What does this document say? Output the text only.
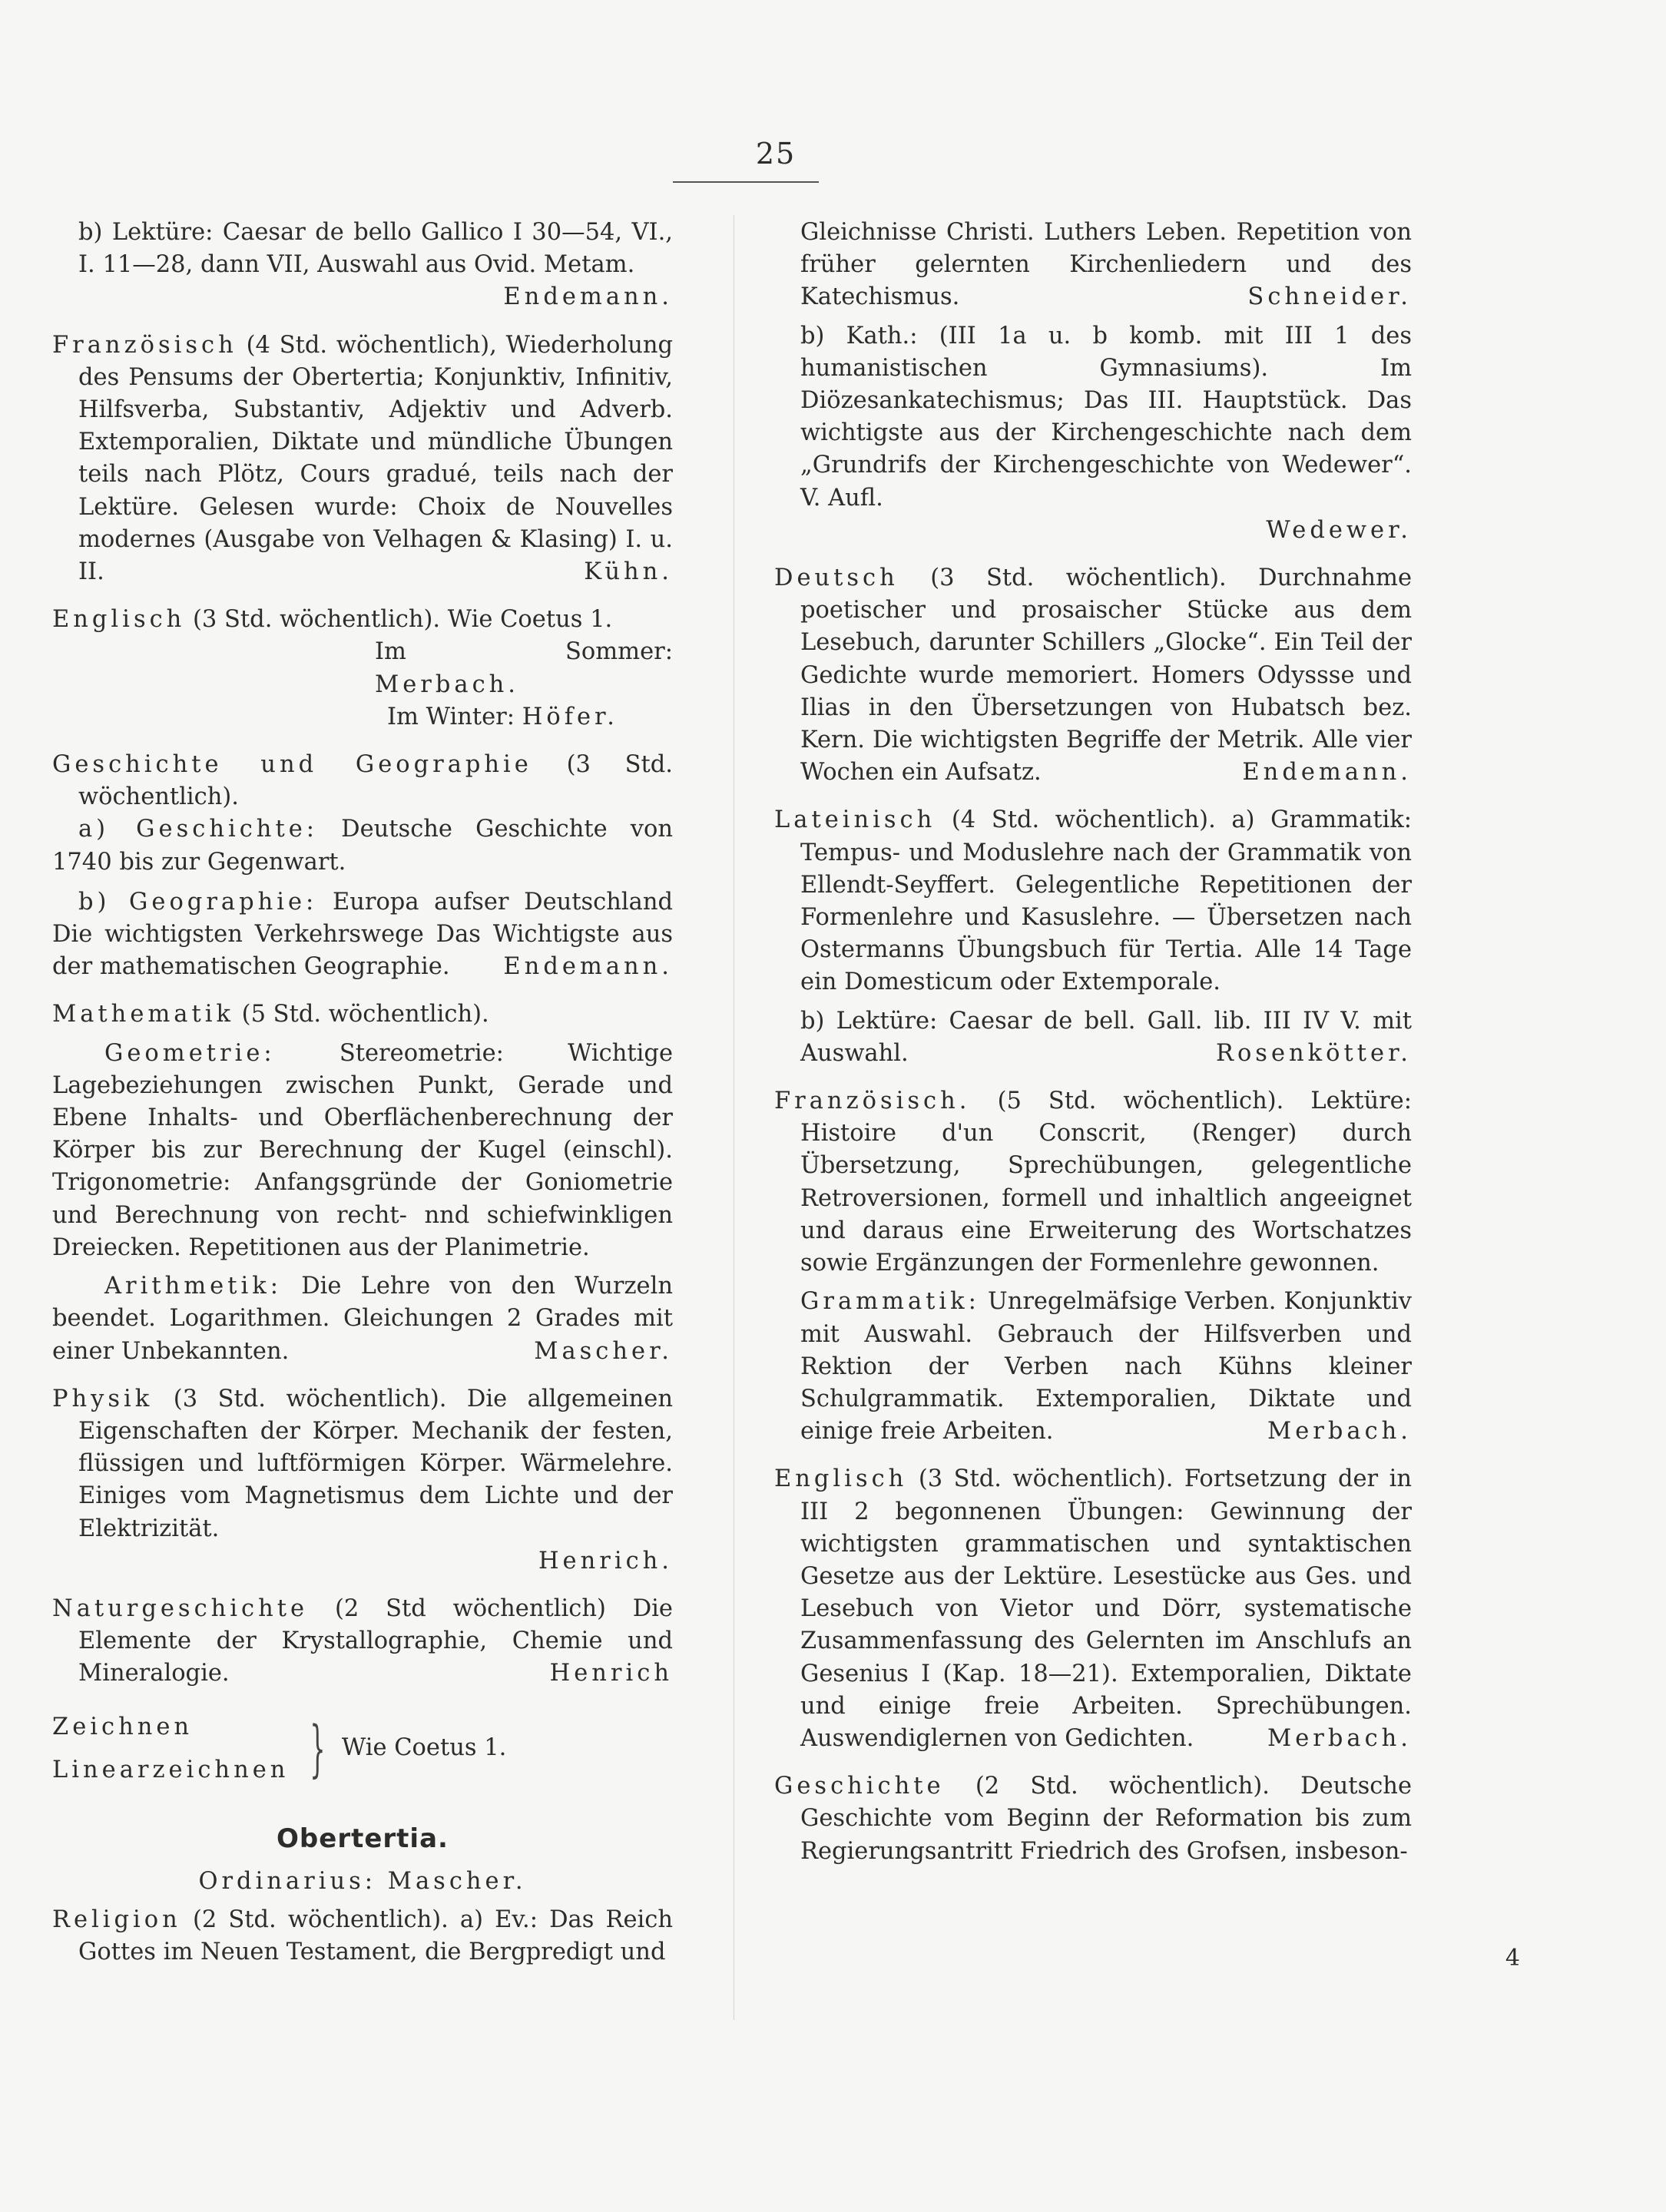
25

b) Lektüre: Caesar de bello Gallico I 30—54, VI., I. 11—28, dann VII, Auswahl aus Ovid. Metam.

Endemann.

Französisch (4 Std. wöchentlich), Wiederholung des Pensums der Obertertia; Konjunktiv, Infinitiv, Hilfsverba, Substantiv, Adjektiv und Adverb. Extemporalien, Diktate und mündliche Übungen teils nach Plötz, Cours gradué, teils nach der Lektüre. Gelesen wurde: Choix de Nouvelles modernes (Ausgabe von Velhagen & Klasing) I. u. II.	Kühn.

Englisch (3 Std. wöchentlich). Wie Coetus 1.

Im Sommer: Merbach.

Im Winter: Höfer.

Geschichte und Geographie (3 Std. wöchentlich).

a) Geschichte: Deutsche Geschichte von 1740 bis zur Gegenwart.

b) Geographie: Europa aufser Deutschland Die wichtigsten Verkehrswege Das Wichtigste aus der mathematischen Geographie.	Endemann.

Mathematik (5 Std. wöchentlich).

Geometrie:	Stereometrie: Wichtige Lagebeziehungen zwischen Punkt, Gerade und Ebene Inhalts- und Oberflächenberechnung der Körper bis zur Berechnung der Kugel (einschl). Trigonometrie: Anfangsgründe der Goniometrie und Berechnung von recht- nnd schiefwinkligen Dreiecken. Repetitionen aus der Planimetrie.

Arithmetik: Die Lehre von den Wurzeln beendet. Logarithmen. Gleichungen 2 Grades mit einer Unbekannten.	Mascher.

Physik (3 Std. wöchentlich). Die allgemeinen Eigenschaften der Körper. Mechanik der festen, flüssigen und luftförmigen Körper. Wärmelehre. Einiges vom Magnetismus dem Lichte und der Elektrizität.

Henrich.

Naturgeschichte (2 Std wöchentlich) Die Elemente der Krystallographie, Chemie und Mineralogie.	Henrich

Zeichnen
Linearzeichnen } Wie Coetus 1.
Obertertia.
Ordinarius: Mascher.

Religion (2 Std. wöchentlich). a) Ev.: Das Reich Gottes im Neuen Testament, die Bergpredigt und

Gleichnisse Christi. Luthers Leben. Repetition von früher gelernten Kirchenliedern und des Katechismus.	Schneider.

b) Kath.: (III 1a u. b komb. mit III 1 des humanistischen Gymnasiums). Im Diözesankatechismus; Das III. Hauptstück. Das wichtigste aus der Kirchengeschichte nach dem „Grundrifs der Kirchengeschichte von Wedewer“. V. Aufl.

Wedewer.

Deutsch (3 Std. wöchentlich). Durchnahme poetischer und prosaischer Stücke aus dem Lesebuch, darunter Schillers „Glocke“. Ein Teil der Gedichte wurde memoriert. Homers Odyssse und Ilias in den Übersetzungen von Hubatsch bez. Kern. Die wichtigsten Begriffe der Metrik. Alle vier Wochen ein Aufsatz.	Endemann.

Lateinisch (4 Std. wöchentlich). a) Grammatik: Tempus- und Moduslehre nach der Grammatik von Ellendt-Seyffert. Gelegentliche Repetitionen der Formenlehre und Kasuslehre. — Übersetzen nach Ostermanns Übungsbuch für Tertia. Alle 14 Tage ein Domesticum oder Extemporale.

b) Lektüre: Caesar de bell. Gall. lib. III IV V. mit Auswahl.	Rosenkötter.

Französisch. (5 Std. wöchentlich). Lektüre: Histoire d'un Conscrit, (Renger) durch Übersetzung, Sprechübungen, gelegentliche Retroversionen, formell und inhaltlich angeeignet und daraus eine Erweiterung des Wortschatzes sowie Ergänzungen der Formenlehre gewonnen.

Grammatik: Unregelmäfsige Verben. Konjunktiv mit Auswahl. Gebrauch der Hilfsverben und Rektion der Verben nach Kühns kleiner Schulgrammatik. Extemporalien, Diktate und einige freie Arbeiten.	Merbach.

Englisch (3 Std. wöchentlich). Fortsetzung der in III 2 begonnenen Übungen: Gewinnung der wichtigsten grammatischen und syntaktischen Gesetze aus der Lektüre. Lesestücke aus Ges. und Lesebuch von Vietor und Dörr, systematische Zusammenfassung des Gelernten im Anschlufs an Gesenius I (Kap. 18—21). Extemporalien, Diktate und einige freie Arbeiten. Sprechübungen. Auswendiglernen von Gedichten.	Merbach.

Geschichte (2 Std. wöchentlich). Deutsche Geschichte vom Beginn der Reformation bis zum Regierungsantritt Friedrich des Grofsen, insbeson-

4
